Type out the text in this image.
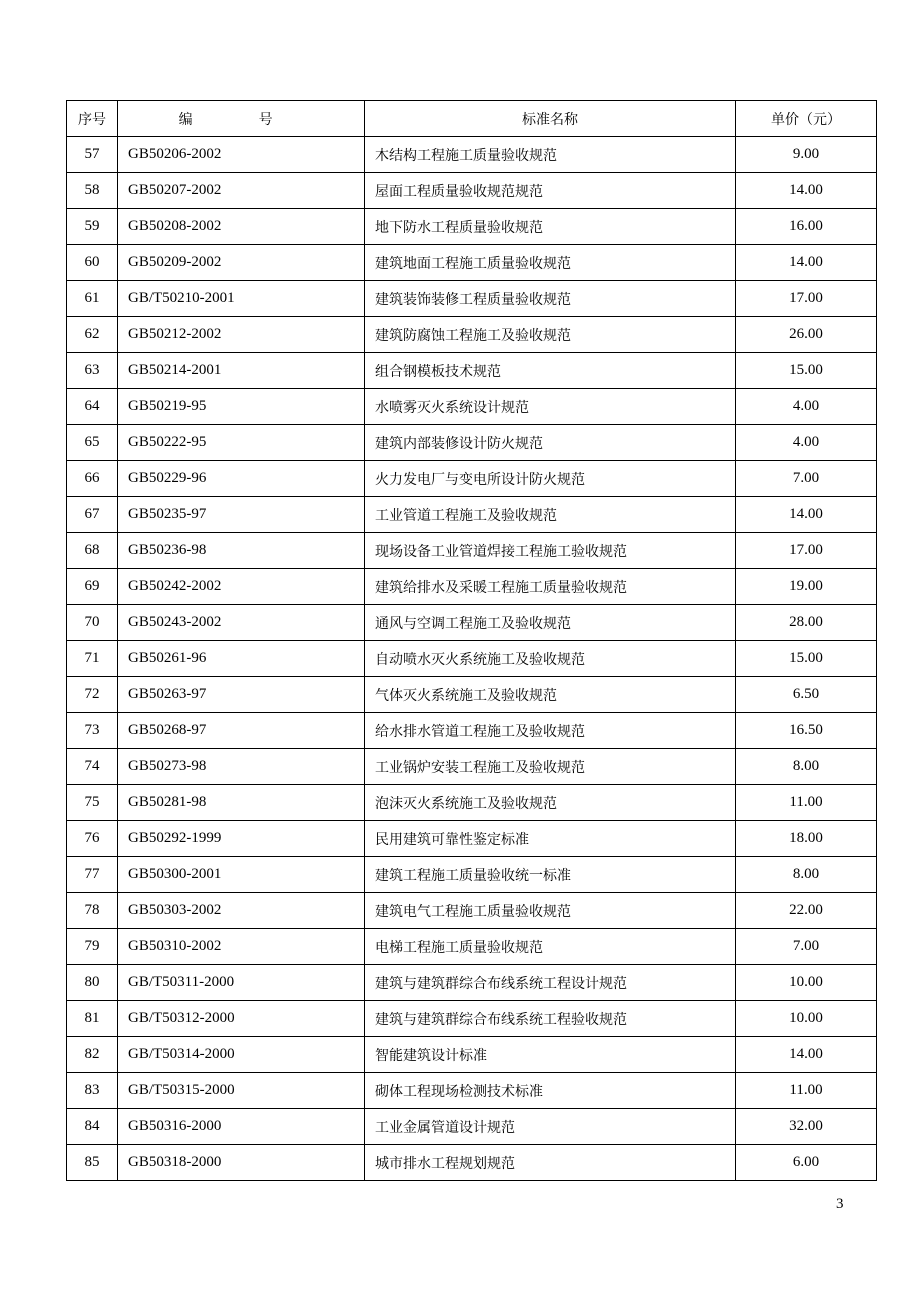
序号	编 号	标准名称	单价（元）
57	GB50206-2002	木结构工程施工质量验收规范	9.00
58	GB50207-2002	屋面工程质量验收规范规范	14.00
59	GB50208-2002	地下防水工程质量验收规范	16.00
60	GB50209-2002	建筑地面工程施工质量验收规范	14.00
61	GB/T50210-2001	建筑装饰装修工程质量验收规范	17.00
62	GB50212-2002	建筑防腐蚀工程施工及验收规范	26.00
63	GB50214-2001	组合钢模板技术规范	15.00
64	GB50219-95	水喷雾灭火系统设计规范	4.00
65	GB50222-95	建筑内部装修设计防火规范	4.00
66	GB50229-96	火力发电厂与变电所设计防火规范	7.00
67	GB50235-97	工业管道工程施工及验收规范	14.00
68	GB50236-98	现场设备工业管道焊接工程施工验收规范	17.00
69	GB50242-2002	建筑给排水及采暖工程施工质量验收规范	19.00
70	GB50243-2002	通风与空调工程施工及验收规范	28.00
71	GB50261-96	自动喷水灭火系统施工及验收规范	15.00
72	GB50263-97	气体灭火系统施工及验收规范	6.50
73	GB50268-97	给水排水管道工程施工及验收规范	16.50
74	GB50273-98	工业锅炉安装工程施工及验收规范	8.00
75	GB50281-98	泡沫灭火系统施工及验收规范	11.00
76	GB50292-1999	民用建筑可靠性鉴定标准	18.00
77	GB50300-2001	建筑工程施工质量验收统一标准	8.00
78	GB50303-2002	建筑电气工程施工质量验收规范	22.00
79	GB50310-2002	电梯工程施工质量验收规范	7.00
80	GB/T50311-2000	建筑与建筑群综合布线系统工程设计规范	10.00
81	GB/T50312-2000	建筑与建筑群综合布线系统工程验收规范	10.00
82	GB/T50314-2000	智能建筑设计标准	14.00
83	GB/T50315-2000	砌体工程现场检测技术标准	11.00
84	GB50316-2000	工业金属管道设计规范	32.00
85	GB50318-2000	城市排水工程规划规范	6.00
3
